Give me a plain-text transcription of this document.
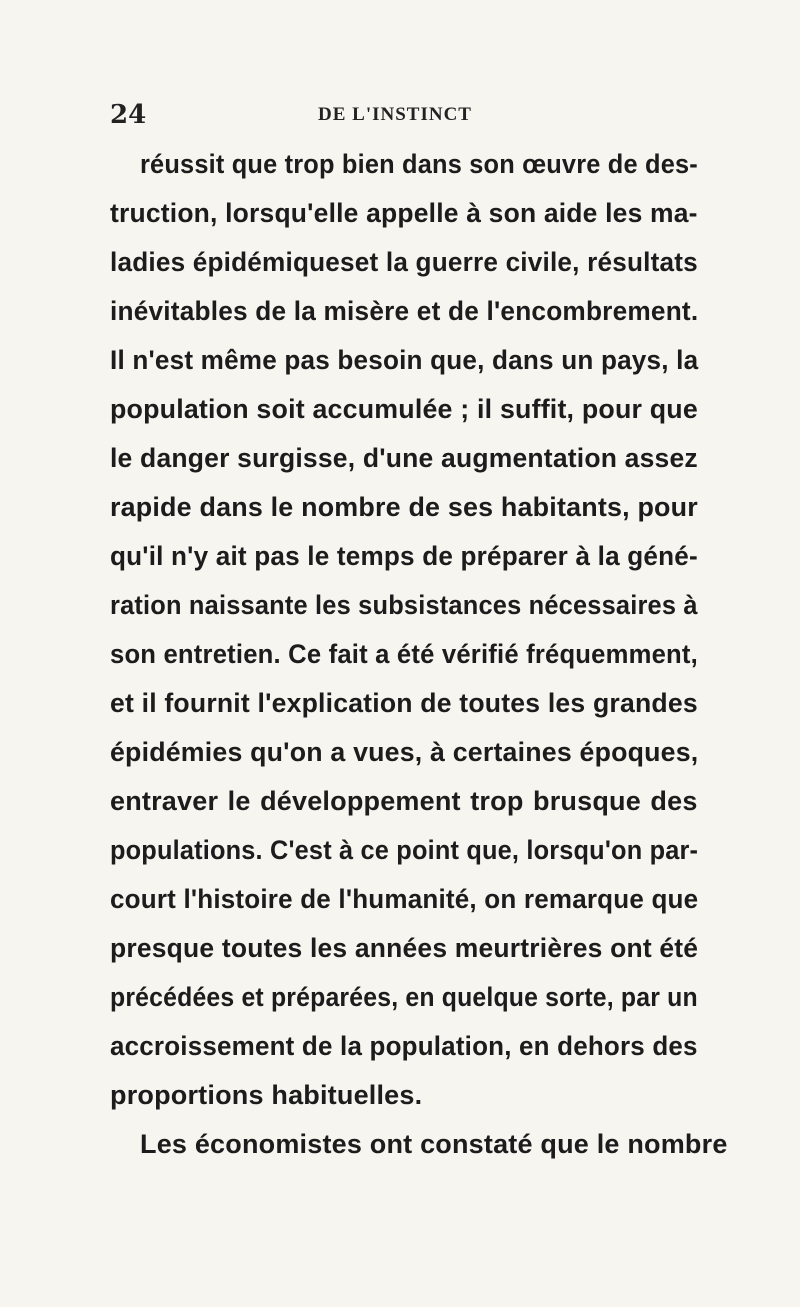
24	DE L'INSTINCT
réussit que trop bien dans son œuvre de des-
truction, lorsqu'elle appelle à son aide les ma-
ladies épidémiqueset la guerre civile, résultats
inévitables de la misère et de l'encombrement.
Il n'est même pas besoin que, dans un pays, la
population soit accumulée ; il suffit, pour que
le danger surgisse, d'une augmentation assez
rapide dans le nombre de ses habitants, pour
qu'il n'y ait pas le temps de préparer à la géné-
ration naissante les subsistances nécessaires à
son entretien. Ce fait a été vérifié fréquemment,
et il fournit l'explication de toutes les grandes
épidémies qu'on a vues, à certaines époques,
entraver le développement trop brusque des
populations. C'est à ce point que, lorsqu'on par-
court l'histoire de l'humanité, on remarque que
presque toutes les années meurtrières ont été
précédées et préparées, en quelque sorte, par un
accroissement de la population, en dehors des
proportions habituelles.
Les économistes ont constaté que le nombre
